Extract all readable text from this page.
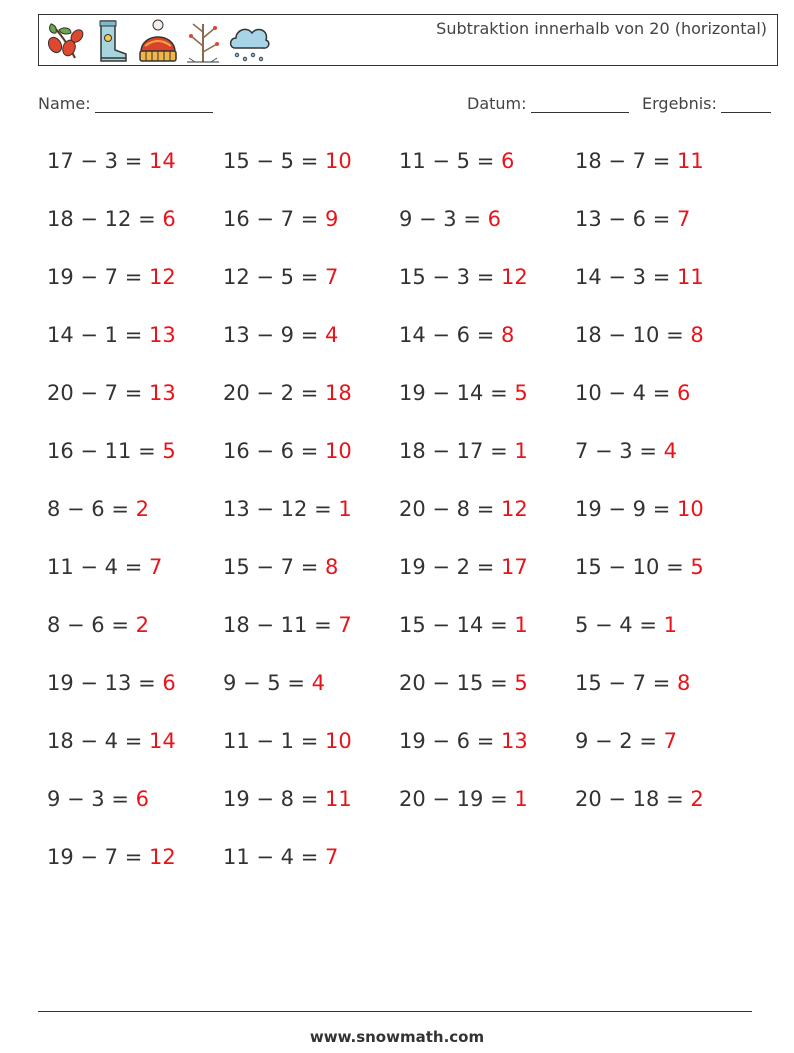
Subtraktion innerhalb von 20 (horizontal)
Name:	Datum:	Ergebnis:
17 − 3 = 14	15 − 5 = 10	11 − 5 = 6	18 − 7 = 11
18 − 12 = 6	16 − 7 = 9	9 − 3 = 6	13 − 6 = 7
19 − 7 = 12	12 − 5 = 7	15 − 3 = 12	14 − 3 = 11
14 − 1 = 13	13 − 9 = 4	14 − 6 = 8	18 − 10 = 8
20 − 7 = 13	20 − 2 = 18	19 − 14 = 5	10 − 4 = 6
16 − 11 = 5	16 − 6 = 10	18 − 17 = 1	7 − 3 = 4
8 − 6 = 2	13 − 12 = 1	20 − 8 = 12	19 − 9 = 10
11 − 4 = 7	15 − 7 = 8	19 − 2 = 17	15 − 10 = 5
8 − 6 = 2	18 − 11 = 7	15 − 14 = 1	5 − 4 = 1
19 − 13 = 6	9 − 5 = 4	20 − 15 = 5	15 − 7 = 8
18 − 4 = 14	11 − 1 = 10	19 − 6 = 13	9 − 2 = 7
9 − 3 = 6	19 − 8 = 11	20 − 19 = 1	20 − 18 = 2
19 − 7 = 12	11 − 4 = 7
www.snowmath.com
